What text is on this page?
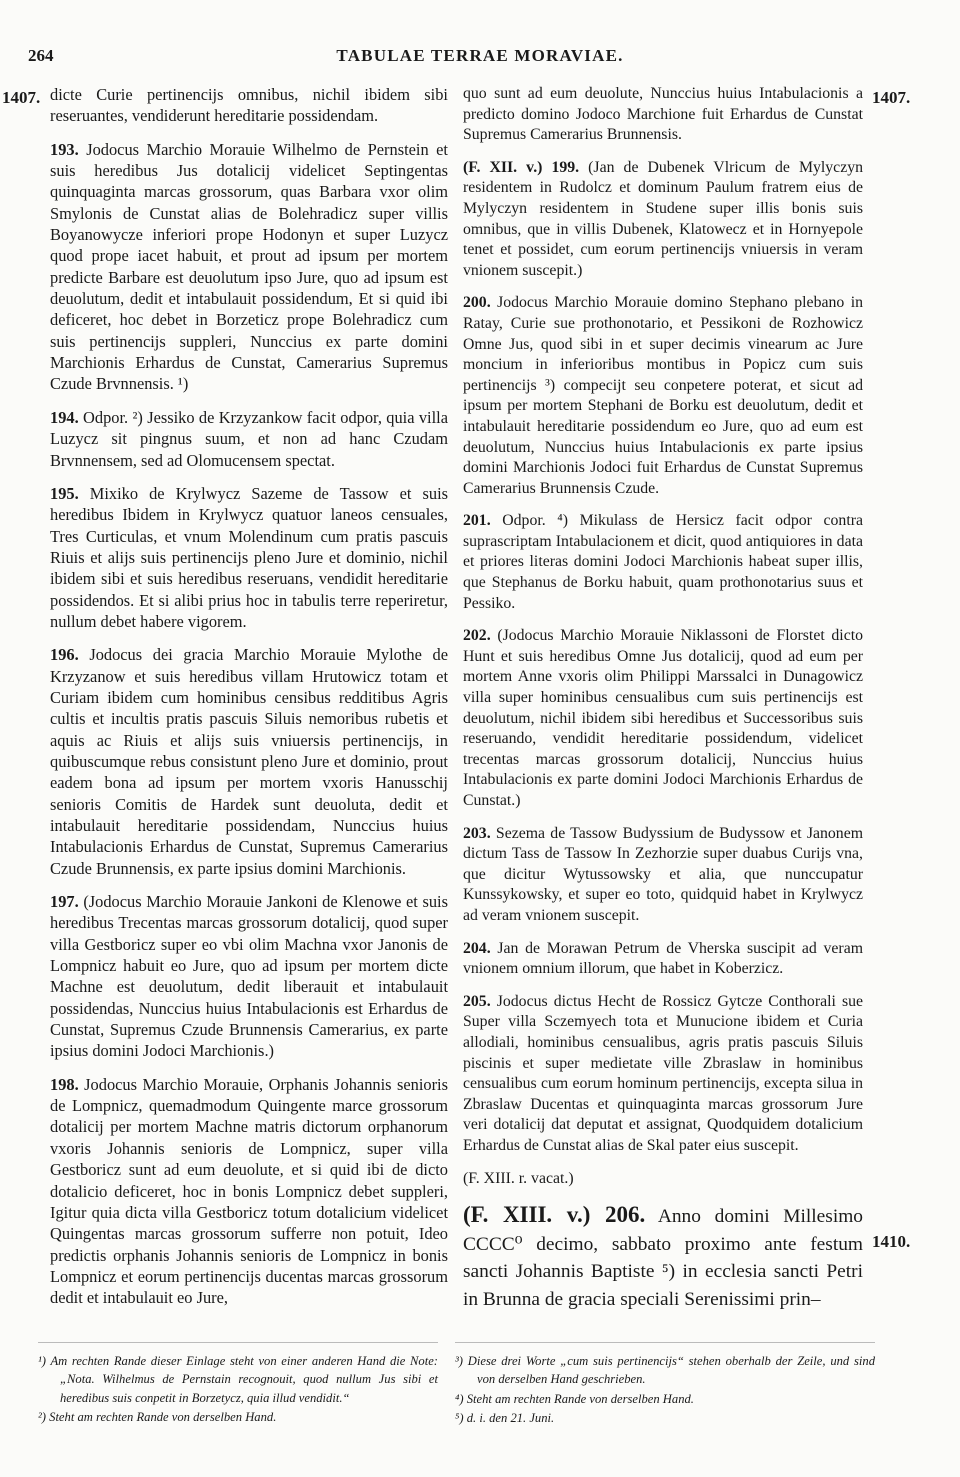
264	TABULAE TERRAE MORAVIAE.
1407.	1407.
1410.

dicte Curie pertinencijs omnibus, nichil ibidem sibi reseruantes, vendiderunt hereditarie possidendam.

193. Jodocus Marchio Morauie Wilhelmo de Pernstein et suis heredibus Jus dotalicij videlicet Septingentas quinquaginta marcas grossorum, quas Barbara vxor olim Smylonis de Cunstat alias de Bolehradicz super villis Boyanowycze inferiori prope Hodonyn et super Luzycz quod prope iacet habuit, et prout ad ipsum per mortem predicte Barbare est deuolutum ipso Jure, quo ad ipsum est deuolutum, dedit et intabulauit possidendum, Et si quid ibi deficeret, hoc debet in Borzeticz prope Bolehradicz cum suis pertinencijs suppleri, Nunccius ex parte domini Marchionis Erhardus de Cunstat, Camerarius Supremus Czude Brvnnensis. ¹)

194. Odpor. ²) Jessiko de Krzyzankow facit odpor, quia villa Luzycz sit pingnus suum, et non ad hanc Czudam Brvnnensem, sed ad Olomucensem spectat.

195. Mixiko de Krylwycz Sazeme de Tassow et suis heredibus Ibidem in Krylwycz quatuor laneos censuales, Tres Curticulas, et vnum Molendinum cum pratis pascuis Riuis et alijs suis pertinencijs pleno Jure et dominio, nichil ibidem sibi et suis heredibus reseruans, vendidit hereditarie possidendos. Et si alibi prius hoc in tabulis terre reperiretur, nullum debet habere vigorem.

196. Jodocus dei gracia Marchio Morauie Mylothe de Krzyzanow et suis heredibus villam Hrutowicz totam et Curiam ibidem cum hominibus censibus redditibus Agris cultis et incultis pratis pascuis Siluis nemoribus rubetis et aquis ac Riuis et alijs suis vniuersis pertinencijs, in quibuscumque rebus consistunt pleno Jure et dominio, prout eadem bona ad ipsum per mortem vxoris Hanusschij senioris Comitis de Hardek sunt deuoluta, dedit et intabulauit hereditarie possidendam, Nunccius huius Intabulacionis Erhardus de Cunstat, Supremus Camerarius Czude Brunnensis, ex parte ipsius domini Marchionis.

197. (Jodocus Marchio Morauie Jankoni de Klenowe et suis heredibus Trecentas marcas grossorum dotalicij, quod super villa Gestboricz super eo vbi olim Machna vxor Janonis de Lompnicz habuit eo Jure, quo ad ipsum per mortem dicte Machne est deuolutum, dedit liberauit et intabulauit possidendas, Nunccius huius Intabulacionis est Erhardus de Cunstat, Supremus Czude Brunnensis Camerarius, ex parte ipsius domini Jodoci Marchionis.)

198. Jodocus Marchio Morauie, Orphanis Johannis senioris de Lompnicz, quemadmodum Quingente marce grossorum dotalicij per mortem Machne matris dictorum orphanorum vxoris Johannis senioris de Lompnicz, super villa Gestboricz sunt ad eum deuolute, et si quid ibi de dicto dotalicio deficeret, hoc in bonis Lompnicz debet suppleri, Igitur quia dicta villa Gestboricz totum dotalicium videlicet Quingentas marcas grossorum sufferre non potuit, Ideo predictis orphanis Johannis senioris de Lompnicz in bonis Lompnicz et eorum pertinencijs ducentas marcas grossorum dedit et intabulauit eo Jure,

quo sunt ad eum deuolute, Nunccius huius Intabulacionis a predicto domino Jodoco Marchione fuit Erhardus de Cunstat Supremus Camerarius Brunnensis.

(F. XII. v.) 199. (Jan de Dubenek Vlricum de Mylyczyn residentem in Rudolcz et dominum Paulum fratrem eius de Mylyczyn residentem in Studene super illis bonis suis omnibus, que in villis Dubenek, Klatowecz et in Hornyepole tenet et possidet, cum eorum pertinencijs vniuersis in veram vnionem suscepit.)

200. Jodocus Marchio Morauie domino Stephano plebano in Ratay, Curie sue prothonotario, et Pessikoni de Rozhowicz Omne Jus, quod sibi in et super decimis vinearum ac Jure moncium in inferioribus montibus in Popicz cum suis pertinencijs ³) compecijt seu conpetere poterat, et sicut ad ipsum per mortem Stephani de Borku est deuolutum, dedit et intabulauit hereditarie possidendum eo Jure, quo ad eum est deuolutum, Nunccius huius Intabulacionis ex parte ipsius domini Marchionis Jodoci fuit Erhardus de Cunstat Supremus Camerarius Brunnensis Czude.

201. Odpor. ⁴) Mikulass de Hersicz facit odpor contra suprascriptam Intabulacionem et dicit, quod antiquiores in data et priores literas domini Jodoci Marchionis habeat super illis, que Stephanus de Borku habuit, quam prothonotarius suus et Pessiko.

202. (Jodocus Marchio Morauie Niklassoni de Florstet dicto Hunt et suis heredibus Omne Jus dotalicij, quod ad eum per mortem Anne vxoris olim Philippi Marssalci in Dunagowicz villa super hominibus censualibus cum suis pertinencijs est deuolutum, nichil ibidem sibi heredibus et Successoribus suis reseruando, vendidit hereditarie possidendum, videlicet trecentas marcas grossorum dotalicij, Nunccius huius Intabulacionis ex parte domini Jodoci Marchionis Erhardus de Cunstat.)

203. Sezema de Tassow Budyssium de Budyssow et Janonem dictum Tass de Tassow In Zezhorzie super duabus Curijs vna, que dicitur Wytussowsky et alia, que nunccupatur Kunssykowsky, et super eo toto, quidquid habet in Krylwycz ad veram vnionem suscepit.

204. Jan de Morawan Petrum de Vherska suscipit ad veram vnionem omnium illorum, que habet in Koberzicz.

205. Jodocus dictus Hecht de Rossicz Gytcze Conthorali sue Super villa Sczemyech tota et Munucione ibidem et Curia allodiali, hominibus censualibus, agris pratis pascuis Siluis piscinis et super medietate ville Zbraslaw in hominibus censualibus cum eorum hominum pertinencijs, excepta silua in Zbraslaw Ducentas et quinquaginta marcas grossorum Jure veri dotalicij dat deputat et assignat, Quodquidem dotalicium Erhardus de Cunstat alias de Skal pater eius suscepit.

(F. XIII. r. vacat.)

(F. XIII. v.) 206. Anno domini Millesimo CCCC⁰ decimo, sabbato proximo ante festum sancti Johannis Baptiste ⁵) in ecclesia sancti Petri in Brunna de gracia speciali Serenissimi prin–

¹) Am rechten Rande dieser Einlage steht von einer anderen Hand die Note: „Nota. Wilhelmus de Pernstain recognouit, quod nullum Jus sibi et heredibus suis conpetit in Borzetycz, quia illud vendidit.“
²) Steht am rechten Rande von derselben Hand.
³) Diese drei Worte „cum suis pertinencijs“ stehen oberhalb der Zeile, und sind von derselben Hand geschrieben.
⁴) Steht am rechten Rande von derselben Hand.
⁵) d. i. den 21. Juni.
